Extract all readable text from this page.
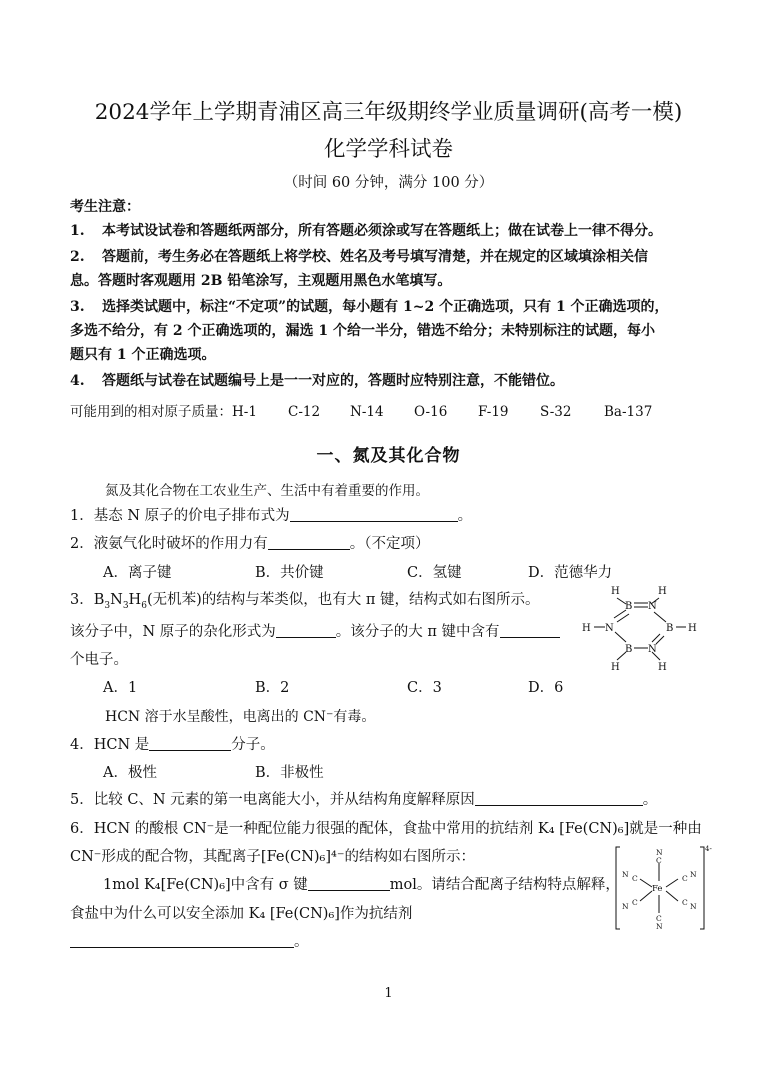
2024学年上学期青浦区高三年级期终学业质量调研(高考一模)
化学学科试卷
（时间 60 分钟，满分 100 分）
考生注意：
1. 本考试设试卷和答题纸两部分，所有答题必须涂或写在答题纸上；做在试卷上一律不得分。
2. 答题前，考生务必在答题纸上将学校、姓名及考号填写清楚，并在规定的区域填涂相关信
息。答题时客观题用 2B 铅笔涂写，主观题用黑色水笔填写。
3. 选择类试题中，标注“不定项”的试题，每小题有 1~2 个正确选项，只有 1 个正确选项的，
多选不给分，有 2 个正确选项的，漏选 1 个给一半分，错选不给分；未特别标注的试题，每小
题只有 1 个正确选项。
4. 答题纸与试卷在试题编号上是一一对应的，答题时应特别注意，不能错位。
可能用到的相对原子质量：H-1 C-12 N-14 O-16 F-19 S-32 Ba-137
一、氮及其化合物
氮及其化合物在工农业生产、生活中有着重要的作用。
1．基态 N 原子的价电子排布式为	。
2．液氨气化时破坏的作用力有	。（不定项）
A．离子键	B．共价键	C．氢键	D．范德华力
3．$B_3N_3H_6$(无机苯)的结构与苯类似，也有大 π 键，结构式如右图所示。
该分子中，N 原子的杂化形式为	。该分子的大 π 键中含有
个电子。
A．1	B．2	C．3	D．6
H	H
B N
H N	B H
B N
H	H
HCN 溶于水呈酸性，电离出的 CN⁻有毒。
4．HCN 是	分子。
A．极性	B．非极性
5．比较 C、N 元素的第一电离能大小，并从结构角度解释原因	。
6．HCN 的酸根 CN⁻是一种配位能力很强的配体，食盐中常用的抗结剂 K₄ [Fe(CN)₆]就是一种由
CN⁻形成的配合物，其配离子[Fe(CN)₆]⁴⁻的结构如右图所示：
1mol K₄[Fe(CN)₆]中含有 σ 键	mol。请结合配离子结构特点解释，
食盐中为什么可以安全添加 K₄ [Fe(CN)₆]作为抗结剂
。
N
C
Fe
C
N
N C	C N
C
N	C N
4-
1
